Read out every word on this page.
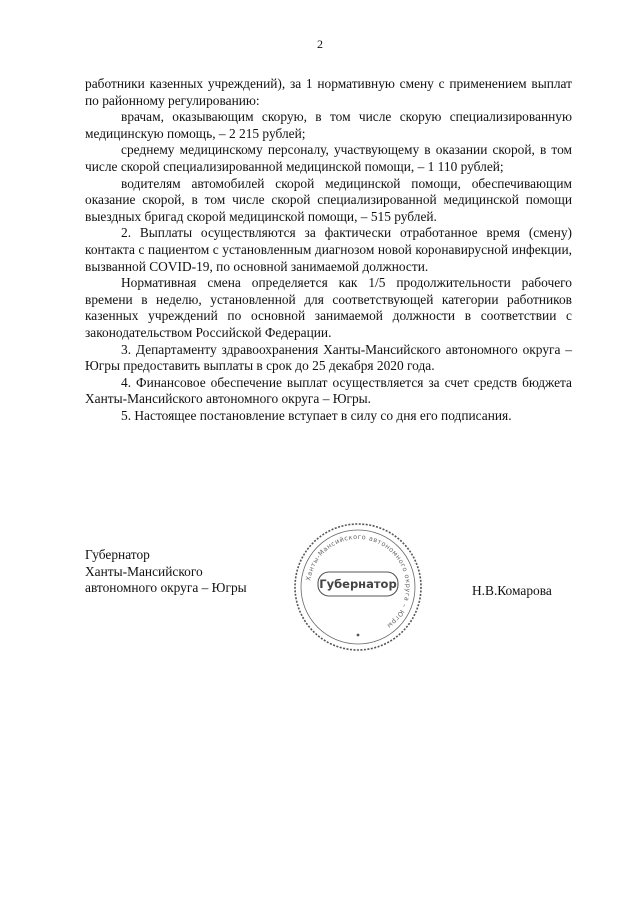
2

работники казенных учреждений), за 1 нормативную смену с применением выплат по районному регулированию:

врачам, оказывающим скорую, в том числе скорую специализированную медицинскую помощь, – 2 215 рублей;

среднему медицинскому персоналу, участвующему в оказании скорой, в том числе скорой специализированной медицинской помощи, – 1 110 рублей;

водителям автомобилей скорой медицинской помощи, обеспечивающим оказание скорой, в том числе скорой специализированной медицинской помощи выездных бригад скорой медицинской помощи, – 515 рублей.

2. Выплаты осуществляются за фактически отработанное время (смену) контакта с пациентом с установленным диагнозом новой коронавирусной инфекции, вызванной COVID-19, по основной занимаемой должности.

Нормативная смена определяется как 1/5 продолжительности рабочего времени в неделю, установленной для соответствующей категории работников казенных учреждений по основной занимаемой должности в соответствии с законодательством Российской Федерации.

3. Департаменту здравоохранения Ханты-Мансийского автономного округа – Югры предоставить выплаты в срок до 25 декабря 2020 года.

4. Финансовое обеспечение выплат осуществляется за счет средств бюджета Ханты-Мансийского автономного округа – Югры.

5. Настоящее постановление вступает в силу со дня его подписания.

Губернатор
Ханты-Мансийского
автономного округа – Югры	Н.В.Комарова
Ханты-Мансийского автономного округа – Югры
Губернатор
